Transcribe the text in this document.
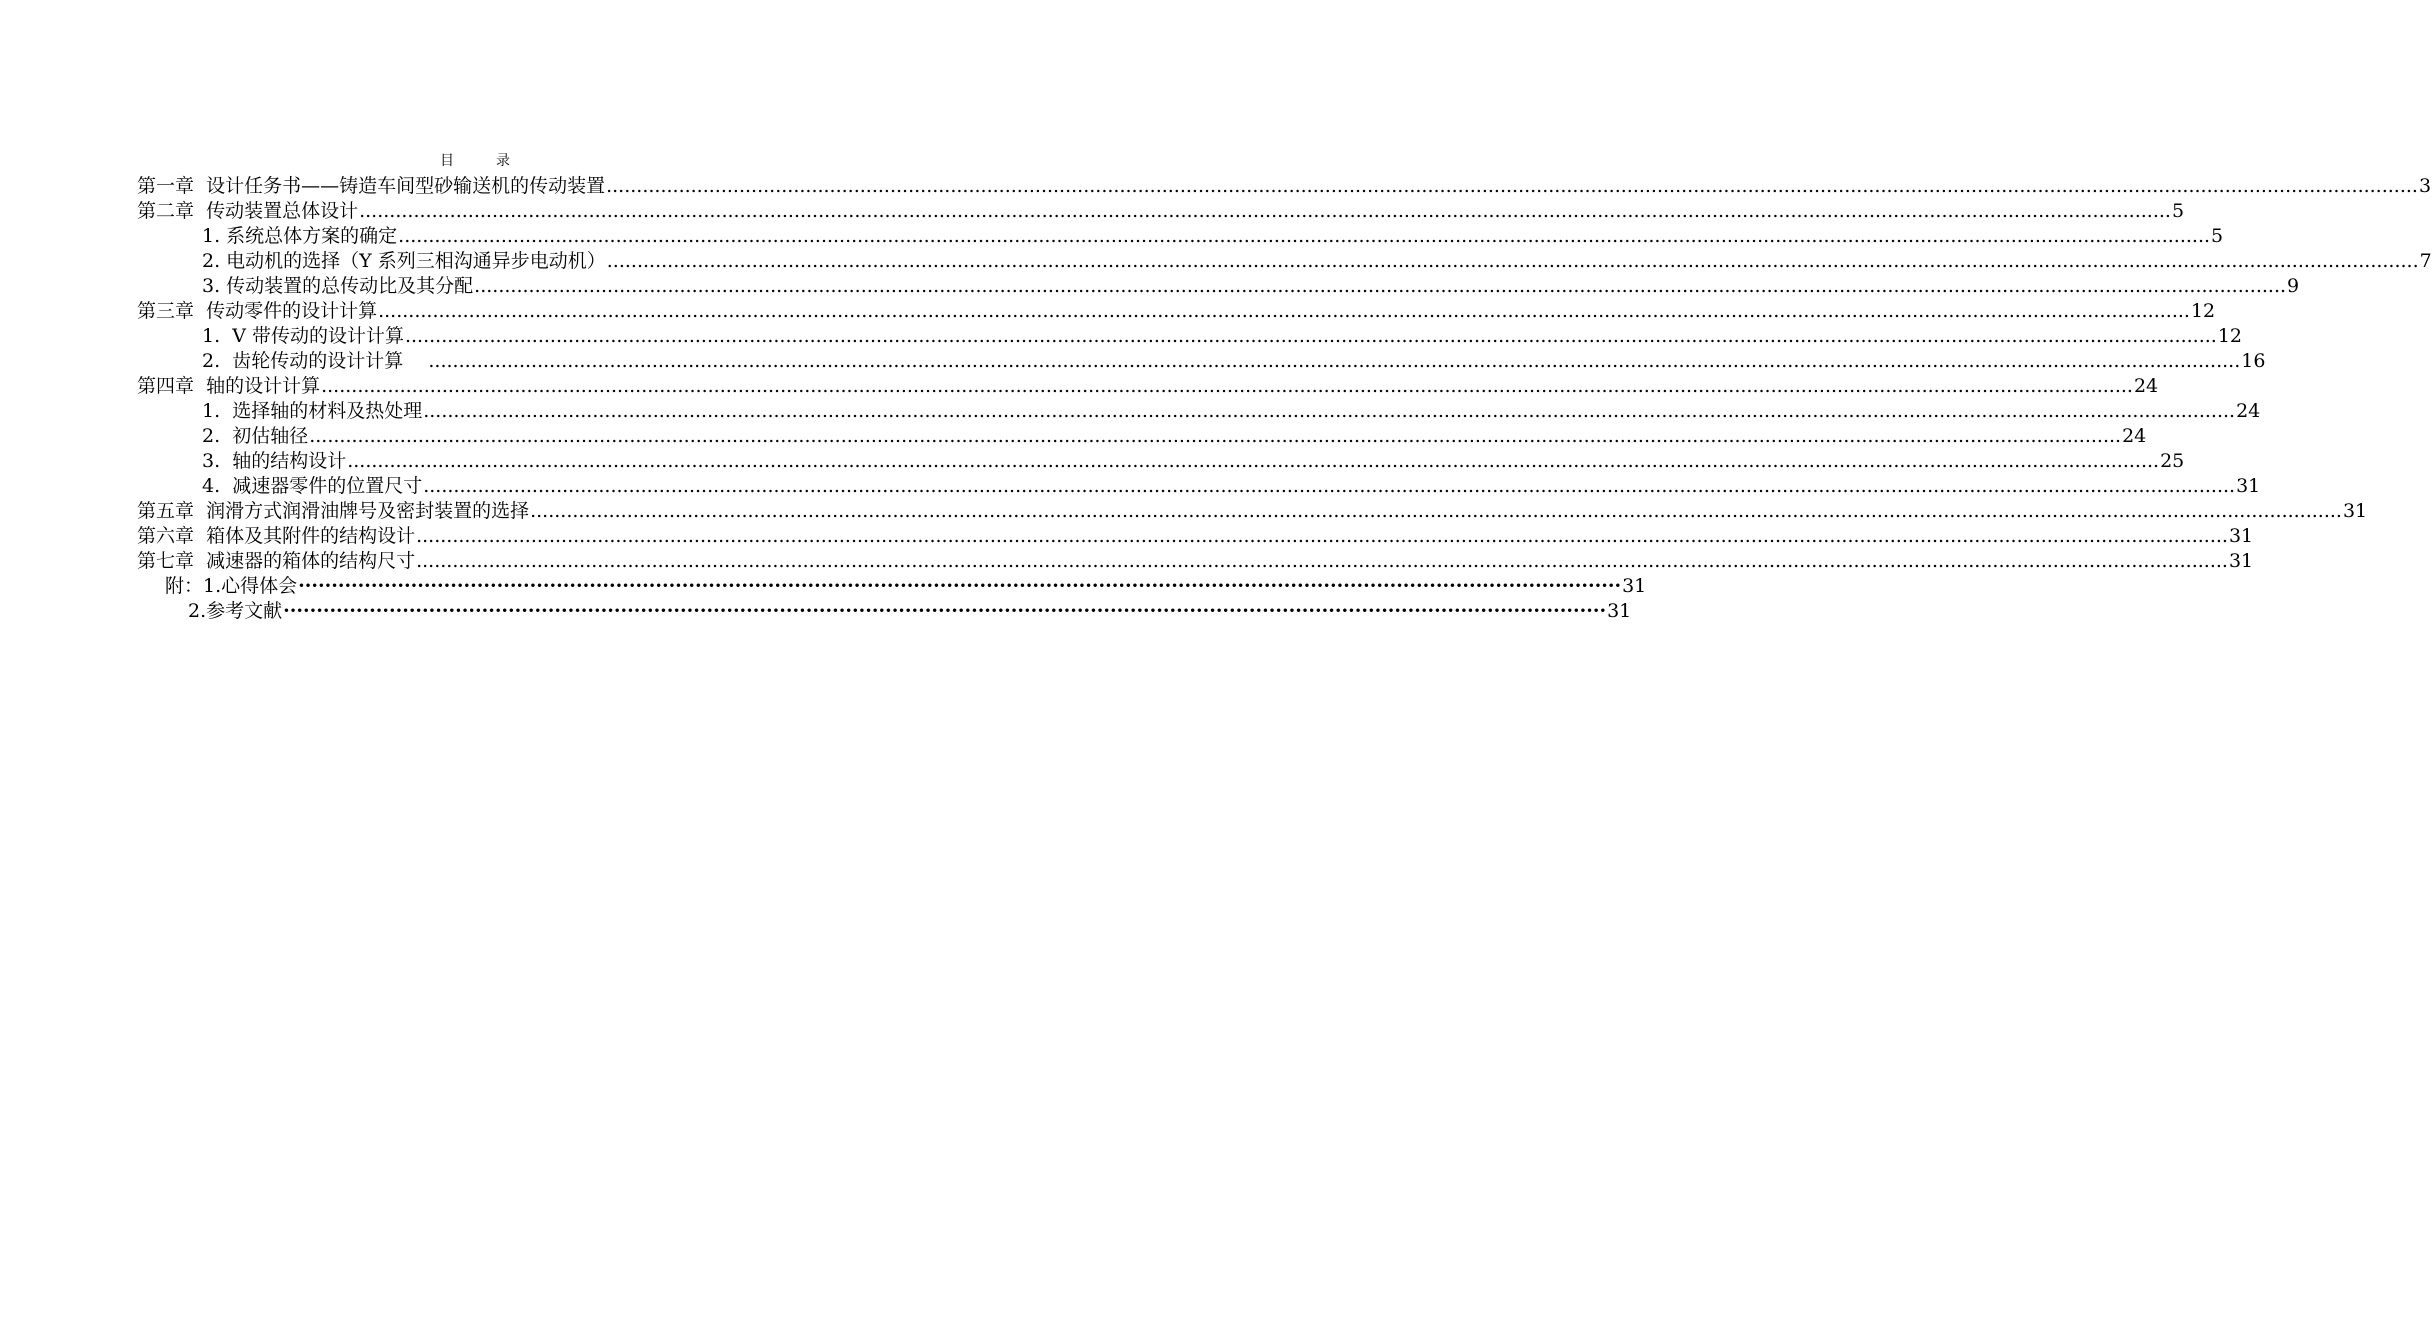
目　录
第一章  设计任务书——铸造车间型砂输送机的传动装置 ............................................................................................................................................................................................................................................................................................................ 3
第二章  传动装置总体设计 ............................................................................................................................................................................................................................................................................................................ 5
1. 系统总体方案的确定 ............................................................................................................................................................................................................................................................................................................ 5
2. 电动机的选择（Y 系列三相沟通异步电动机） ............................................................................................................................................................................................................................................................................................................ 7
3. 传动装置的总传动比及其分配 ............................................................................................................................................................................................................................................................................................................ 9
第三章  传动零件的设计计算 ............................................................................................................................................................................................................................................................................................................ 12
1.  V 带传动的设计计算 ............................................................................................................................................................................................................................................................................................................ 12
2.  齿轮传动的设计计算 ............................................................................................................................................................................................................................................................................................................ 16
第四章  轴的设计计算 ............................................................................................................................................................................................................................................................................................................ 24
1.  选择轴的材料及热处理 ............................................................................................................................................................................................................................................................................................................ 24
2.  初估轴径 ............................................................................................................................................................................................................................................................................................................ 24
3.  轴的结构设计 ............................................................................................................................................................................................................................................................................................................ 25
4.  减速器零件的位置尺寸 ............................................................................................................................................................................................................................................................................................................ 31
第五章  润滑方式润滑油牌号及密封装置的选择 ............................................................................................................................................................................................................................................................................................................ 31
第六章  箱体及其附件的结构设计 ............................................................................................................................................................................................................................................................................................................ 31
第七章  减速器的箱体的结构尺寸 ............................................................................................................................................................................................................................................................................................................ 31
附：1.心得体会 ········································································································································································································ 31
2.参考文献 ········································································································································································································ 31
